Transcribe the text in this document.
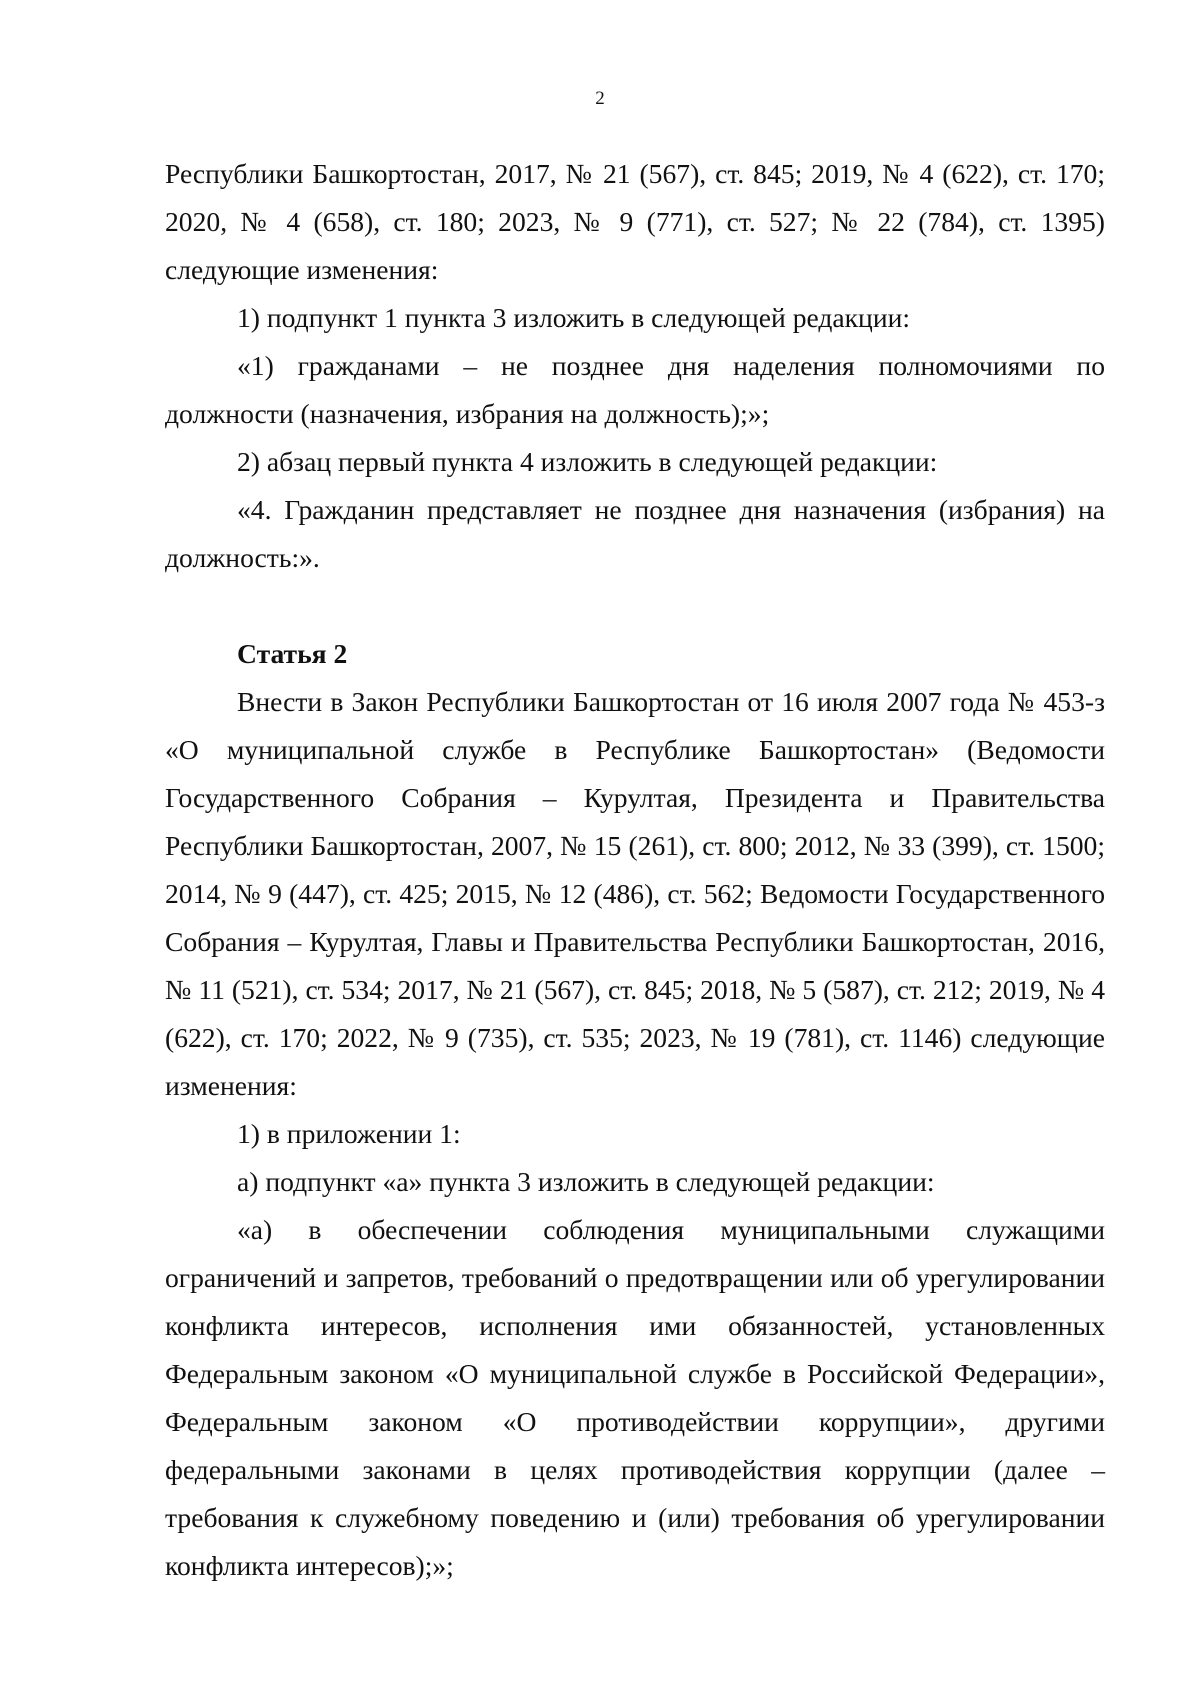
2

Республики Башкортостан, 2017, № 21 (567), ст. 845; 2019, № 4 (622), ст. 170; 2020, № 4 (658), ст. 180; 2023, № 9 (771), ст. 527; № 22 (784), ст. 1395) следующие изменения:

1) подпункт 1 пункта 3 изложить в следующей редакции:

«1) гражданами – не позднее дня наделения полномочиями по должности (назначения, избрания на должность);»;

2) абзац первый пункта 4 изложить в следующей редакции:

«4. Гражданин представляет не позднее дня назначения (избрания) на должность:».

Статья 2

Внести в Закон Республики Башкортостан от 16 июля 2007 года № 453-з «О муниципальной службе в Республике Башкортостан» (Ведомости Государственного Собрания – Курултая, Президента и Правительства Республики Башкортостан, 2007, № 15 (261), ст. 800; 2012, № 33 (399), ст. 1500; 2014, № 9 (447), ст. 425; 2015, № 12 (486), ст. 562; Ведомости Государственного Собрания – Курултая, Главы и Правительства Республики Башкортостан, 2016, № 11 (521), ст. 534; 2017, № 21 (567), ст. 845; 2018, № 5 (587), ст. 212; 2019, № 4 (622), ст. 170; 2022, № 9 (735), ст. 535; 2023, № 19 (781), ст. 1146) следующие изменения:

1) в приложении 1:

а) подпункт «а» пункта 3 изложить в следующей редакции:

«а) в обеспечении соблюдения муниципальными служащими ограничений и запретов, требований о предотвращении или об урегулировании конфликта интересов, исполнения ими обязанностей, установленных Федеральным законом «О муниципальной службе в Российской Федерации», Федеральным законом «О противодействии коррупции», другими федеральными законами в целях противодействия коррупции (далее – требования к служебному поведению и (или) требования об урегулировании конфликта интересов);»;
